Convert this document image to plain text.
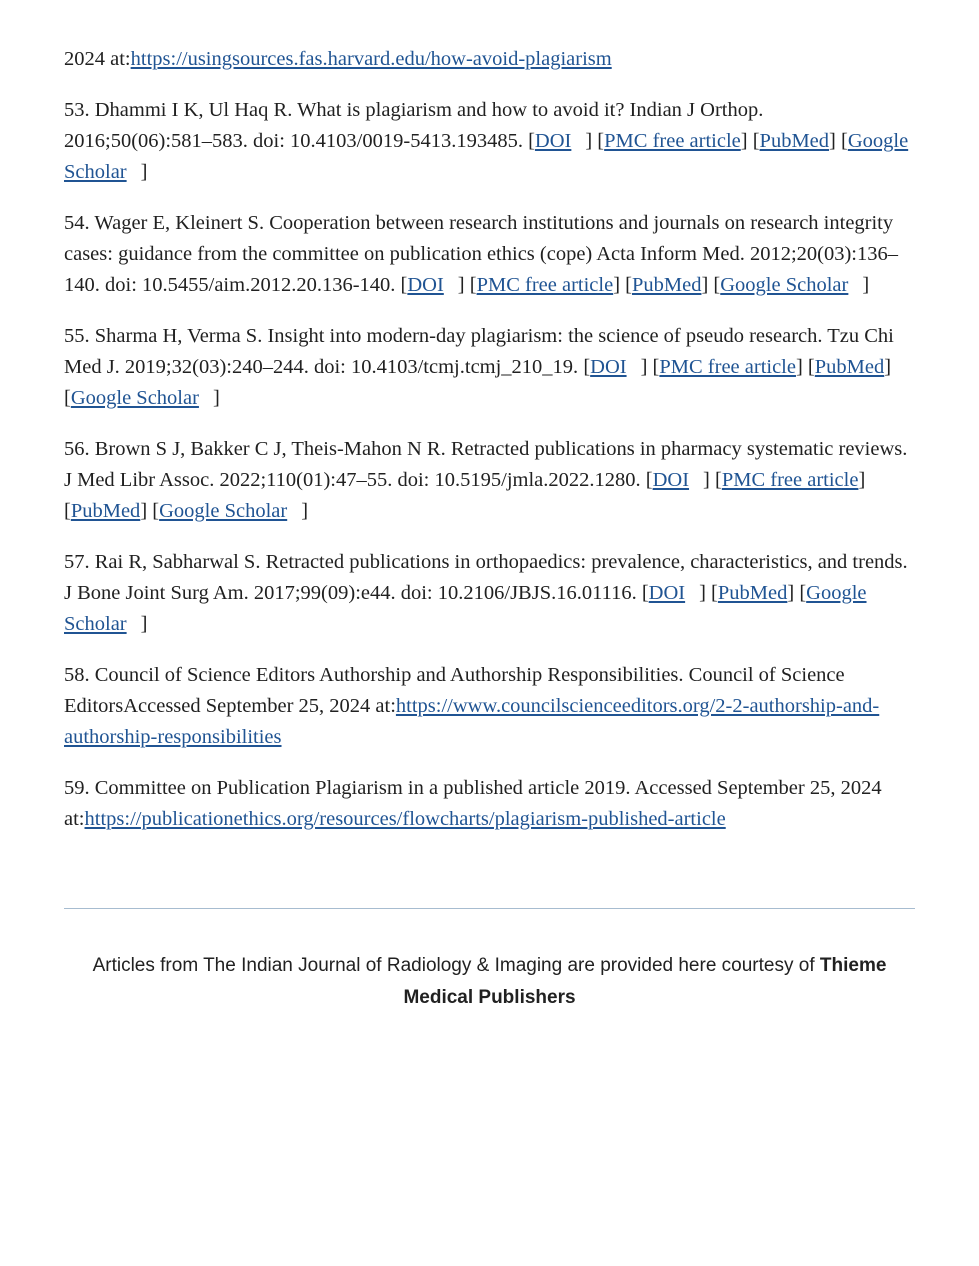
2024 at:https://usingsources.fas.harvard.edu/how-avoid-plagiarism

53. Dhammi I K, Ul Haq R. What is plagiarism and how to avoid it? Indian J Orthop. 2016;50(06):581–583. doi: 10.4103/0019-5413.193485. [DOI ] [PMC free article] [PubMed] [Google Scholar ]

54. Wager E, Kleinert S. Cooperation between research institutions and journals on research integrity cases: guidance from the committee on publication ethics (cope) Acta Inform Med. 2012;20(03):136–140. doi: 10.5455/aim.2012.20.136-140. [DOI ] [PMC free article] [PubMed] [Google Scholar ]

55. Sharma H, Verma S. Insight into modern-day plagiarism: the science of pseudo research. Tzu Chi Med J. 2019;32(03):240–244. doi: 10.4103/tcmj.tcmj_210_19. [DOI ] [PMC free article] [PubMed] [Google Scholar ]

56. Brown S J, Bakker C J, Theis-Mahon N R. Retracted publications in pharmacy systematic reviews. J Med Libr Assoc. 2022;110(01):47–55. doi: 10.5195/jmla.2022.1280. [DOI ] [PMC free article] [PubMed] [Google Scholar ]

57. Rai R, Sabharwal S. Retracted publications in orthopaedics: prevalence, characteristics, and trends. J Bone Joint Surg Am. 2017;99(09):e44. doi: 10.2106/JBJS.16.01116. [DOI ] [PubMed] [Google Scholar ]

58. Council of Science Editors Authorship and Authorship Responsibilities. Council of Science EditorsAccessed September 25, 2024 at:https://www.councilscienceeditors.org/2-2-authorship-and-authorship-responsibilities

59. Committee on Publication Plagiarism in a published article 2019. Accessed September 25, 2024 at:https://publicationethics.org/resources/flowcharts/plagiarism-published-article

Articles from The Indian Journal of Radiology & Imaging are provided here courtesy of Thieme Medical Publishers
